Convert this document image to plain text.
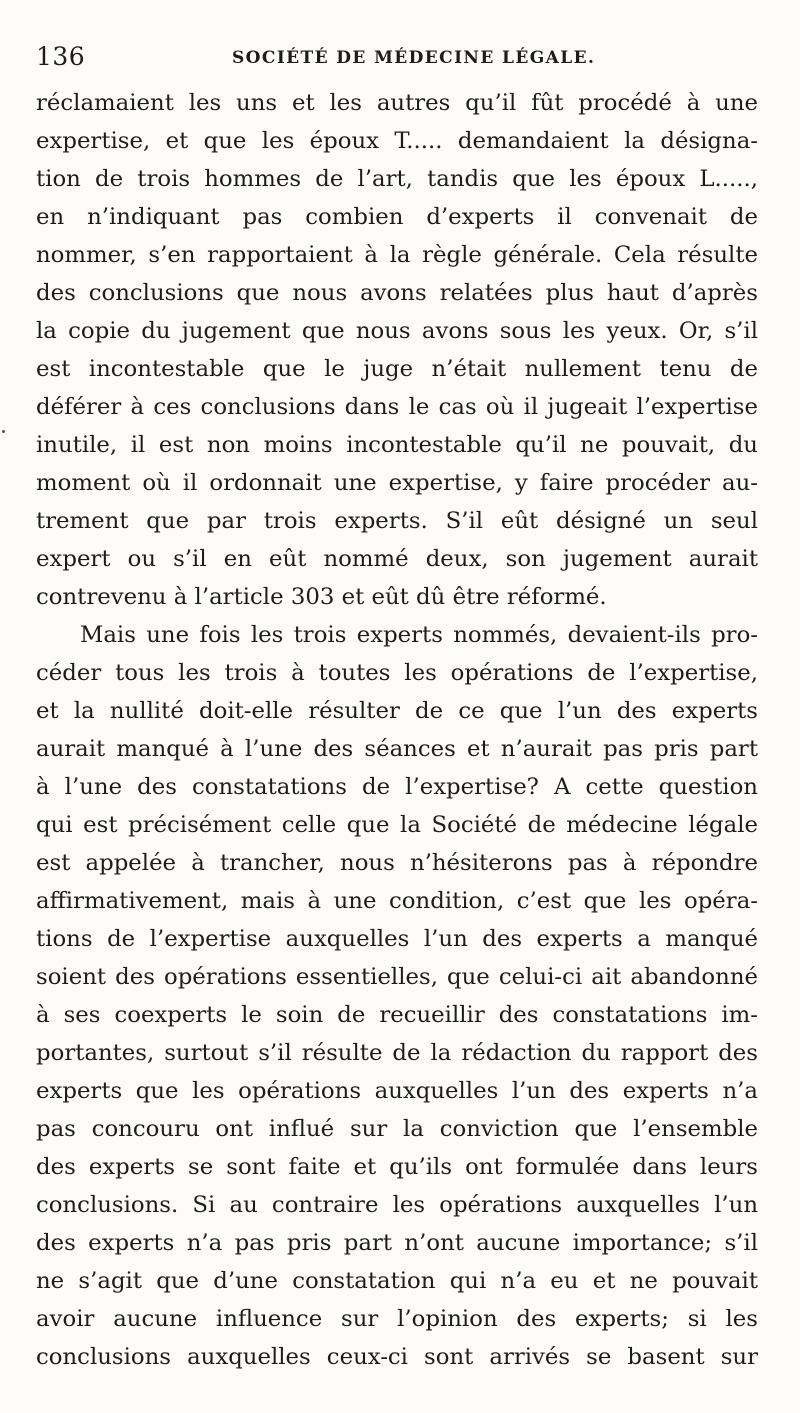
136	SOCIÉTÉ DE MÉDECINE LÉGALE.
réclamaient les uns et les autres qu’il fût procédé à une
expertise, et que les époux T..... demandaient la désigna-
tion de trois hommes de l’art, tandis que les époux L.....,
en n’indiquant pas combien d’experts il convenait de
nommer, s’en rapportaient à la règle générale. Cela résulte
des conclusions que nous avons relatées plus haut d’après
la copie du jugement que nous avons sous les yeux. Or, s’il
est incontestable que le juge n’était nullement tenu de
déférer à ces conclusions dans le cas où il jugeait l’expertise
inutile, il est non moins incontestable qu’il ne pouvait, du
moment où il ordonnait une expertise, y faire procéder au-
trement que par trois experts. S’il eût désigné un seul
expert ou s’il en eût nommé deux, son jugement aurait
contrevenu à l’article 303 et eût dû être réformé.
Mais une fois les trois experts nommés, devaient-ils pro-
céder tous les trois à toutes les opérations de l’expertise,
et la nullité doit-elle résulter de ce que l’un des experts
aurait manqué à l’une des séances et n’aurait pas pris part
à l’une des constatations de l’expertise? A cette question
qui est précisément celle que la Société de médecine légale
est appelée à trancher, nous n’hésiterons pas à répondre
affirmativement, mais à une condition, c’est que les opéra-
tions de l’expertise auxquelles l’un des experts a manqué
soient des opérations essentielles, que celui-ci ait abandonné
à ses coexperts le soin de recueillir des constatations im-
portantes, surtout s’il résulte de la rédaction du rapport des
experts que les opérations auxquelles l’un des experts n’a
pas concouru ont influé sur la conviction que l’ensemble
des experts se sont faite et qu’ils ont formulée dans leurs
conclusions. Si au contraire les opérations auxquelles l’un
des experts n’a pas pris part n’ont aucune importance; s’il
ne s’agit que d’une constatation qui n’a eu et ne pouvait
avoir aucune influence sur l’opinion des experts; si les
conclusions auxquelles ceux-ci sont arrivés se basent sur
